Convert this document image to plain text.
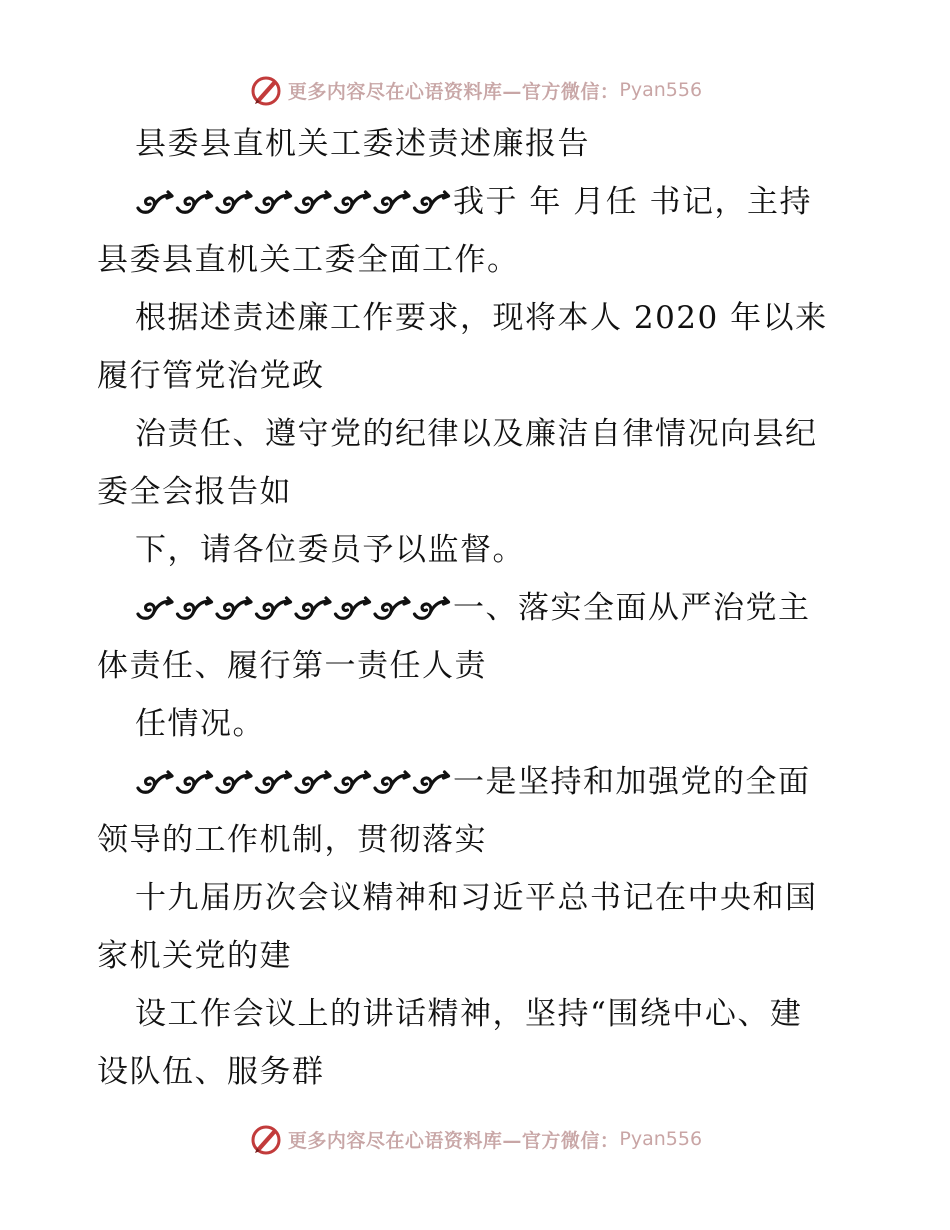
更多内容尽在心语资料库—官方微信： Pyan556
县委县直机关工委述责述廉报告
我于 年 月任 书记，主持
县委县直机关工委全面工作。
根据述责述廉工作要求，现将本人 2020 年以来
履行管党治党政
治责任、遵守党的纪律以及廉洁自律情况向县纪
委全会报告如
下，请各位委员予以监督。
一、落实全面从严治党主
体责任、履行第一责任人责
任情况。
一是坚持和加强党的全面
领导的工作机制，贯彻落实
十九届历次会议精神和习近平总书记在中央和国
家机关党的建
设工作会议上的讲话精神，坚持“围绕中心、建
设队伍、服务群
更多内容尽在心语资料库—官方微信： Pyan556
